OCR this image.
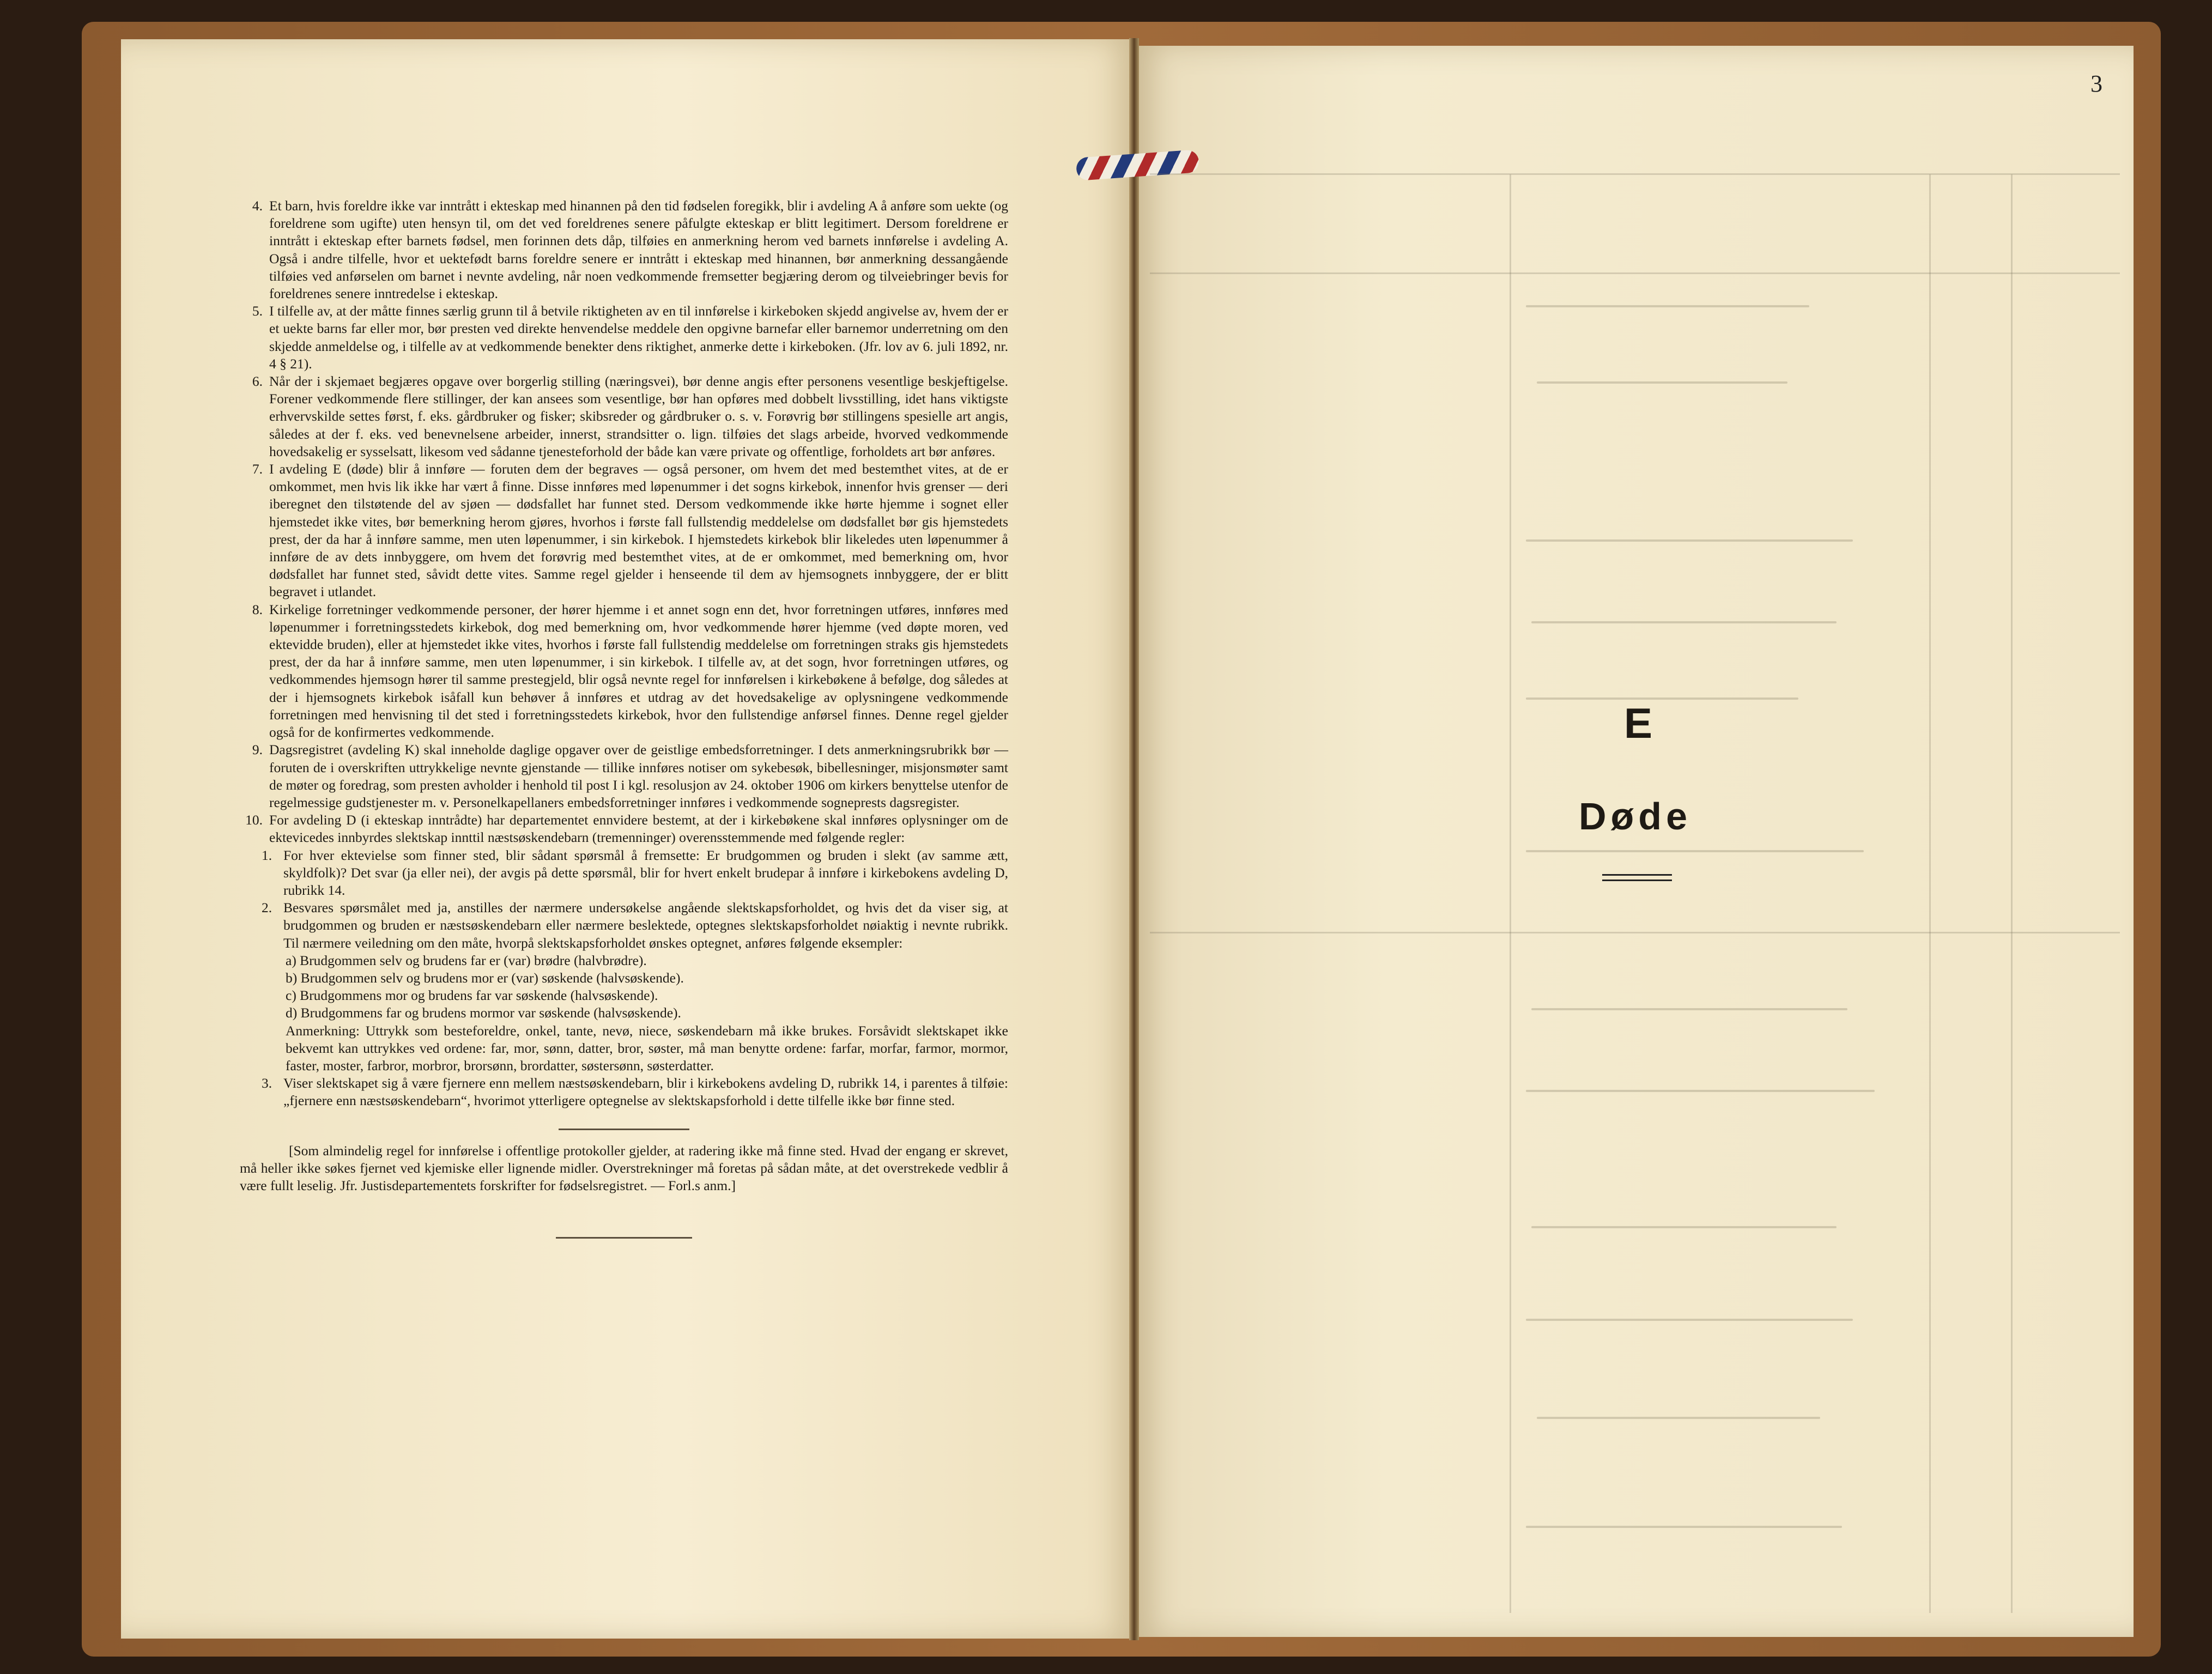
4. Et barn, hvis foreldre ikke var inntrått i ekteskap med hinannen på den tid fødselen foregikk, blir i avdeling A å anføre som uekte (og foreldrene som ugifte) uten hensyn til, om det ved foreldrenes senere påfulgte ekteskap er blitt legitimert. Dersom foreldrene er inntrått i ekteskap efter barnets fødsel, men forinnen dets dåp, tilføies en anmerkning herom ved barnets innførelse i avdeling A. Også i andre tilfelle, hvor et uektefødt barns foreldre senere er inntrått i ekteskap med hinannen, bør anmerkning dessangående tilføies ved anførselen om barnet i nevnte avdeling, når noen vedkommende fremsetter begjæring derom og tilveiebringer bevis for foreldrenes senere inntredelse i ekteskap.
5. I tilfelle av, at der måtte finnes særlig grunn til å betvile riktigheten av en til innførelse i kirkeboken skjedd angivelse av, hvem der er et uekte barns far eller mor, bør presten ved direkte henvendelse meddele den opgivne barnefar eller barnemor underretning om den skjedde anmeldelse og, i tilfelle av at vedkommende benekter dens riktighet, anmerke dette i kirkeboken. (Jfr. lov av 6. juli 1892, nr. 4 § 21).
6. Når der i skjemaet begjæres opgave over borgerlig stilling (næringsvei), bør denne angis efter personens vesentlige beskjeftigelse. Forener vedkommende flere stillinger, der kan ansees som vesentlige, bør han opføres med dobbelt livsstilling, idet hans viktigste erhvervskilde settes først, f. eks. gårdbruker og fisker; skibsreder og gårdbruker o. s. v. Forøvrig bør stillingens spesielle art angis, således at der f. eks. ved benevnelsene arbeider, innerst, strandsitter o. lign. tilføies det slags arbeide, hvorved vedkommende hovedsakelig er sysselsatt, likesom ved sådanne tjenesteforhold der både kan være private og offentlige, forholdets art bør anføres.
7. I avdeling E (døde) blir å innføre — foruten dem der begraves — også personer, om hvem det med bestemthet vites, at de er omkommet, men hvis lik ikke har vært å finne. Disse innføres med løpenummer i det sogns kirkebok, innenfor hvis grenser — deri iberegnet den tilstøtende del av sjøen — dødsfallet har funnet sted. Dersom vedkommende ikke hørte hjemme i sognet eller hjemstedet ikke vites, bør bemerkning herom gjøres, hvorhos i første fall fullstendig meddelelse om dødsfallet bør gis hjemstedets prest, der da har å innføre samme, men uten løpenummer, i sin kirkebok. I hjemstedets kirkebok blir likeledes uten løpenummer å innføre de av dets innbyggere, om hvem det forøvrig med bestemthet vites, at de er omkommet, med bemerkning om, hvor dødsfallet har funnet sted, såvidt dette vites. Samme regel gjelder i henseende til dem av hjemsognets innbyggere, der er blitt begravet i utlandet.
8. Kirkelige forretninger vedkommende personer, der hører hjemme i et annet sogn enn det, hvor forretningen utføres, innføres med løpenummer i forretningsstedets kirkebok, dog med bemerkning om, hvor vedkommende hører hjemme (ved døpte moren, ved ektevidde bruden), eller at hjemstedet ikke vites, hvorhos i første fall fullstendig meddelelse om forretningen straks gis hjemstedets prest, der da har å innføre samme, men uten løpenummer, i sin kirkebok. I tilfelle av, at det sogn, hvor forretningen utføres, og vedkommendes hjemsogn hører til samme prestegjeld, blir også nevnte regel for innførelsen i kirkebøkene å befølge, dog således at der i hjemsognets kirkebok isåfall kun behøver å innføres et utdrag av det hovedsakelige av oplysningene vedkommende forretningen med henvisning til det sted i forretningsstedets kirkebok, hvor den fullstendige anførsel finnes. Denne regel gjelder også for de konfirmertes vedkommende.
9. Dagsregistret (avdeling K) skal inneholde daglige opgaver over de geistlige embedsforretninger. I dets anmerkningsrubrikk bør — foruten de i overskriften uttrykkelige nevnte gjenstande — tillike innføres notiser om sykebesøk, bibellesninger, misjonsmøter samt de møter og foredrag, som presten avholder i henhold til post I i kgl. resolusjon av 24. oktober 1906 om kirkers benyttelse utenfor de regelmessige gudstjenester m. v. Personelkapellaners embedsforretninger innføres i vedkommende sogneprests dagsregister.
10. For avdeling D (i ekteskap inntrådte) har departementet ennvidere bestemt, at der i kirkebøkene skal innføres oplysninger om de ektevicedes innbyrdes slektskap innttil næstsøskendebarn (tremenninger) overensstemmende med følgende regler:
1. For hver ektevielse som finner sted, blir sådant spørsmål å fremsette: Er brudgommen og bruden i slekt (av samme ætt, skyldfolk)? Det svar (ja eller nei), der avgis på dette spørsmål, blir for hvert enkelt brudepar å innføre i kirkebokens avdeling D, rubrikk 14.
2. Besvares spørsmålet med ja, anstilles der nærmere undersøkelse angående slektskapsforholdet, og hvis det da viser sig, at brudgommen og bruden er næstsøskendebarn eller nærmere beslektede, optegnes slektskapsforholdet nøiaktig i nevnte rubrikk. Til nærmere veiledning om den måte, hvorpå slektskapsforholdet ønskes optegnet, anføres følgende eksempler:
a) Brudgommen selv og brudens far er (var) brødre (halvbrødre).
b) Brudgommen selv og brudens mor er (var) søskende (halvsøskende).
c) Brudgommens mor og brudens far var søskende (halvsøskende).
d) Brudgommens far og brudens mormor var søskende (halvsøskende).
Anmerkning: Uttrykk som besteforeldre, onkel, tante, nevø, niece, søskendebarn må ikke brukes. Forsåvidt slektskapet ikke bekvemt kan uttrykkes ved ordene: far, mor, sønn, datter, bror, søster, må man benytte ordene: farfar, morfar, farmor, mormor, faster, moster, farbror, morbror, brorsønn, brordatter, søstersønn, søsterdatter.
3. Viser slektskapet sig å være fjernere enn mellem næstsøskendebarn, blir i kirkebokens avdeling D, rubrikk 14, i parentes å tilføie: „fjernere enn næstsøskendebarn“, hvorimot ytterligere optegnelse av slektskapsforhold i dette tilfelle ikke bør finne sted.
[Som almindelig regel for innførelse i offentlige protokoller gjelder, at radering ikke må finne sted. Hvad der engang er skrevet, må heller ikke søkes fjernet ved kjemiske eller lignende midler. Overstrekninger må foretas på sådan måte, at det overstrekede vedblir å være fullt leselig. Jfr. Justisdepartementets forskrifter for fødselsregistret. — Forl.s anm.]
3
E
Døde
